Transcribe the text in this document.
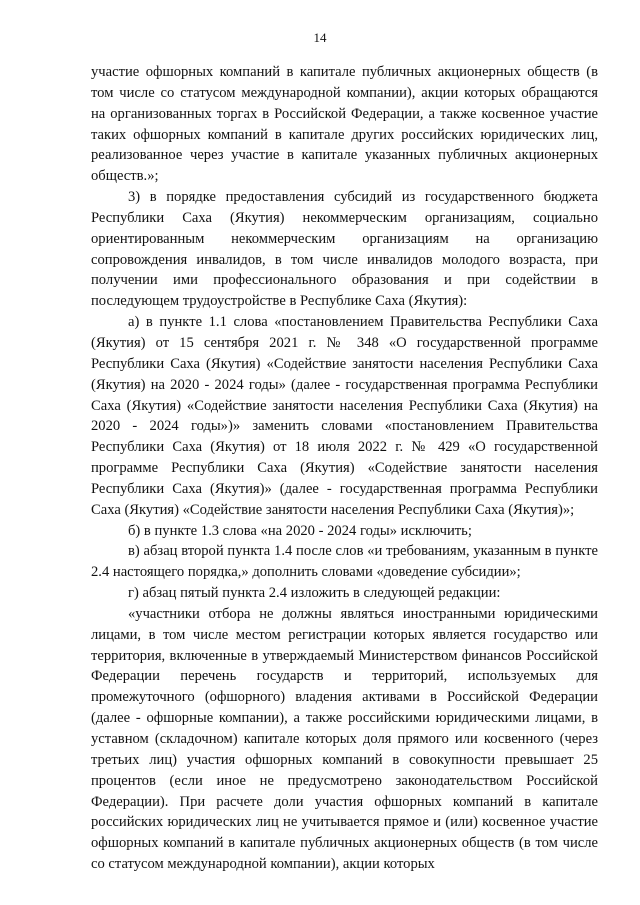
14

участие офшорных компаний в капитале публичных акционерных обществ (в том числе со статусом международной компании), акции которых обращаются на организованных торгах в Российской Федерации, а также косвенное участие таких офшорных компаний в капитале других российских юридических лиц, реализованное через участие в капитале указанных публичных акционерных обществ.»;

3) в порядке предоставления субсидий из государственного бюджета Республики Саха (Якутия) некоммерческим организациям, социально ориентированным некоммерческим организациям на организацию сопровождения инвалидов, в том числе инвалидов молодого возраста, при получении ими профессионального образования и при содействии в последующем трудоустройстве в Республике Саха (Якутия):

а) в пункте 1.1 слова «постановлением Правительства Республики Саха (Якутия) от 15 сентября 2021 г. № 348 «О государственной программе Республики Саха (Якутия) «Содействие занятости населения Республики Саха (Якутия) на 2020 - 2024 годы» (далее - государственная программа Республики Саха (Якутия) «Содействие занятости населения Республики Саха (Якутия) на 2020 - 2024 годы»)» заменить словами «постановлением Правительства Республики Саха (Якутия) от 18 июля 2022 г. № 429 «О государственной программе Республики Саха (Якутия) «Содействие занятости населения Республики Саха (Якутия)» (далее - государственная программа Республики Саха (Якутия) «Содействие занятости населения Республики Саха (Якутия)»;

б) в пункте 1.3 слова «на 2020 - 2024 годы» исключить;

в) абзац второй пункта 1.4 после слов «и требованиям, указанным в пункте 2.4 настоящего порядка,» дополнить словами «доведение субсидии»;

г) абзац пятый пункта 2.4 изложить в следующей редакции:

«участники отбора не должны являться иностранными юридическими лицами, в том числе местом регистрации которых является государство или территория, включенные в утверждаемый Министерством финансов Российской Федерации перечень государств и территорий, используемых для промежуточного (офшорного) владения активами в Российской Федерации (далее - офшорные компании), а также российскими юридическими лицами, в уставном (складочном) капитале которых доля прямого или косвенного (через третьих лиц) участия офшорных компаний в совокупности превышает 25 процентов (если иное не предусмотрено законодательством Российской Федерации). При расчете доли участия офшорных компаний в капитале российских юридических лиц не учитывается прямое и (или) косвенное участие офшорных компаний в капитале публичных акционерных обществ (в том числе со статусом международной компании), акции которых
